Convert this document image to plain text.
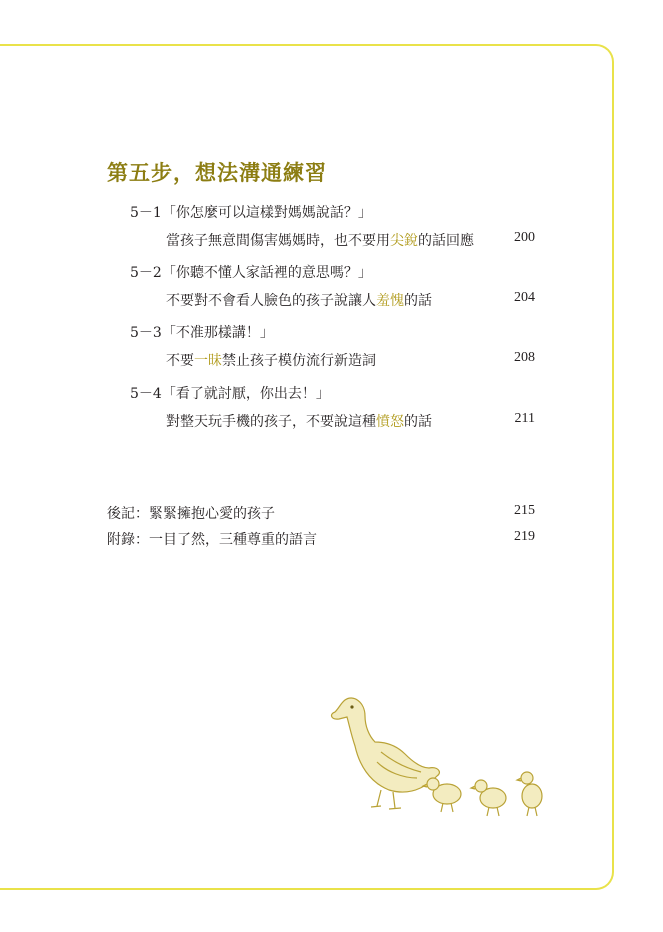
第五步，想法溝通練習
5－1「你怎麼可以這樣對媽媽說話？」
當孩子無意間傷害媽媽時，也不要用尖銳的話回應	200
5－2「你聽不懂人家話裡的意思嗎？」
不要對不會看人臉色的孩子說讓人羞愧的話	204
5－3「不准那樣講！」
不要一昧禁止孩子模仿流行新造詞	208
5－4「看了就討厭，你出去！」
對整天玩手機的孩子，不要說這種憤怒的話	211
後記：緊緊擁抱心愛的孩子	215
附錄：一目了然，三種尊重的語言	219
